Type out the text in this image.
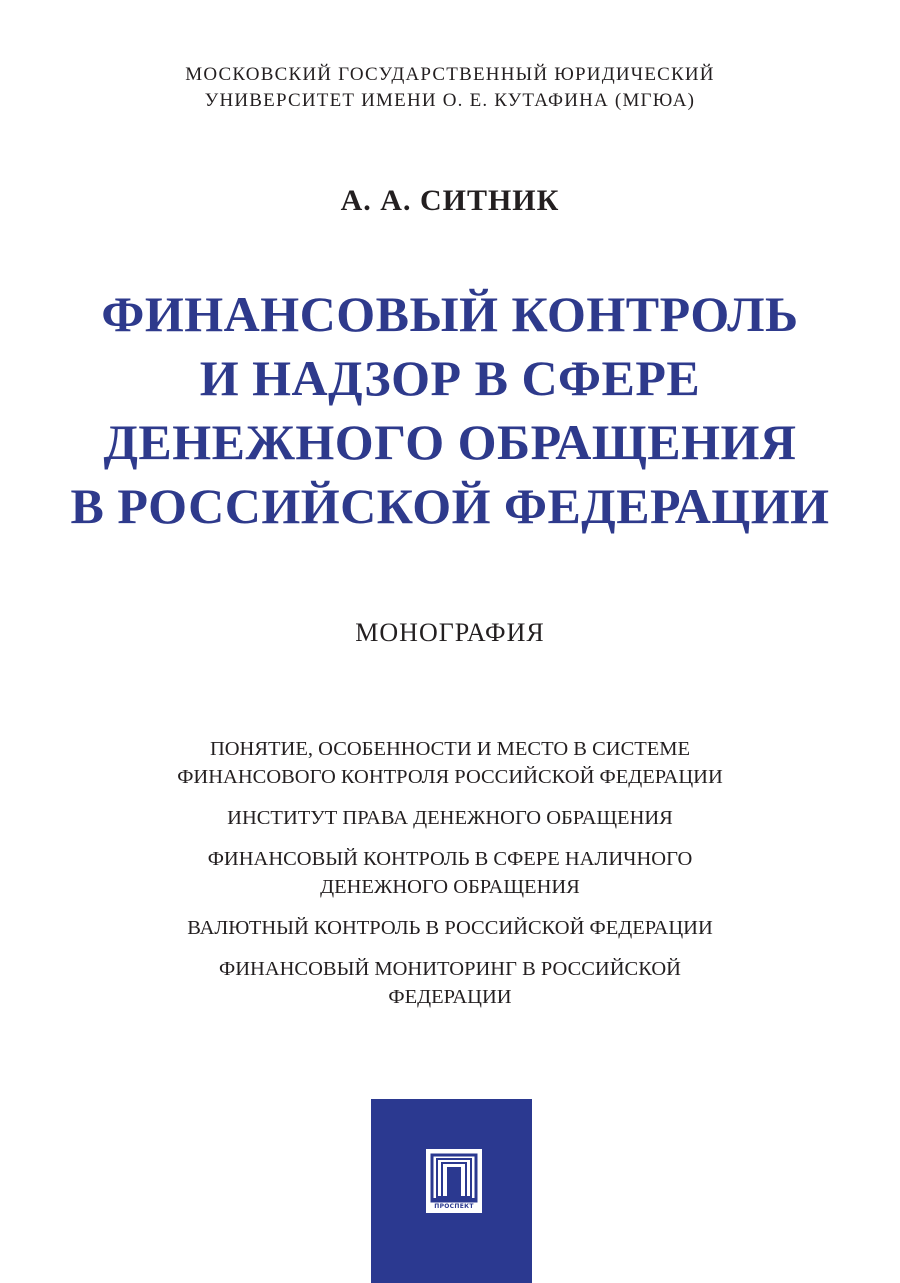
МОСКОВСКИЙ ГОСУДАРСТВЕННЫЙ ЮРИДИЧЕСКИЙ
УНИВЕРСИТЕТ ИМЕНИ О. Е. КУТАФИНА (МГЮА)
А. А. СИТНИК
ФИНАНСОВЫЙ КОНТРОЛЬ
И НАДЗОР В СФЕРЕ
ДЕНЕЖНОГО ОБРАЩЕНИЯ
В РОССИЙСКОЙ ФЕДЕРАЦИИ
МОНОГРАФИЯ
ПОНЯТИЕ, ОСОБЕННОСТИ И МЕСТО В СИСТЕМЕ
ФИНАНСОВОГО КОНТРОЛЯ РОССИЙСКОЙ ФЕДЕРАЦИИ
ИНСТИТУТ ПРАВА ДЕНЕЖНОГО ОБРАЩЕНИЯ
ФИНАНСОВЫЙ КОНТРОЛЬ В СФЕРЕ НАЛИЧНОГО
ДЕНЕЖНОГО ОБРАЩЕНИЯ
ВАЛЮТНЫЙ КОНТРОЛЬ В РОССИЙСКОЙ ФЕДЕРАЦИИ
ФИНАНСОВЫЙ МОНИТОРИНГ В РОССИЙСКОЙ
ФЕДЕРАЦИИ
ПРОСПЕКТ
